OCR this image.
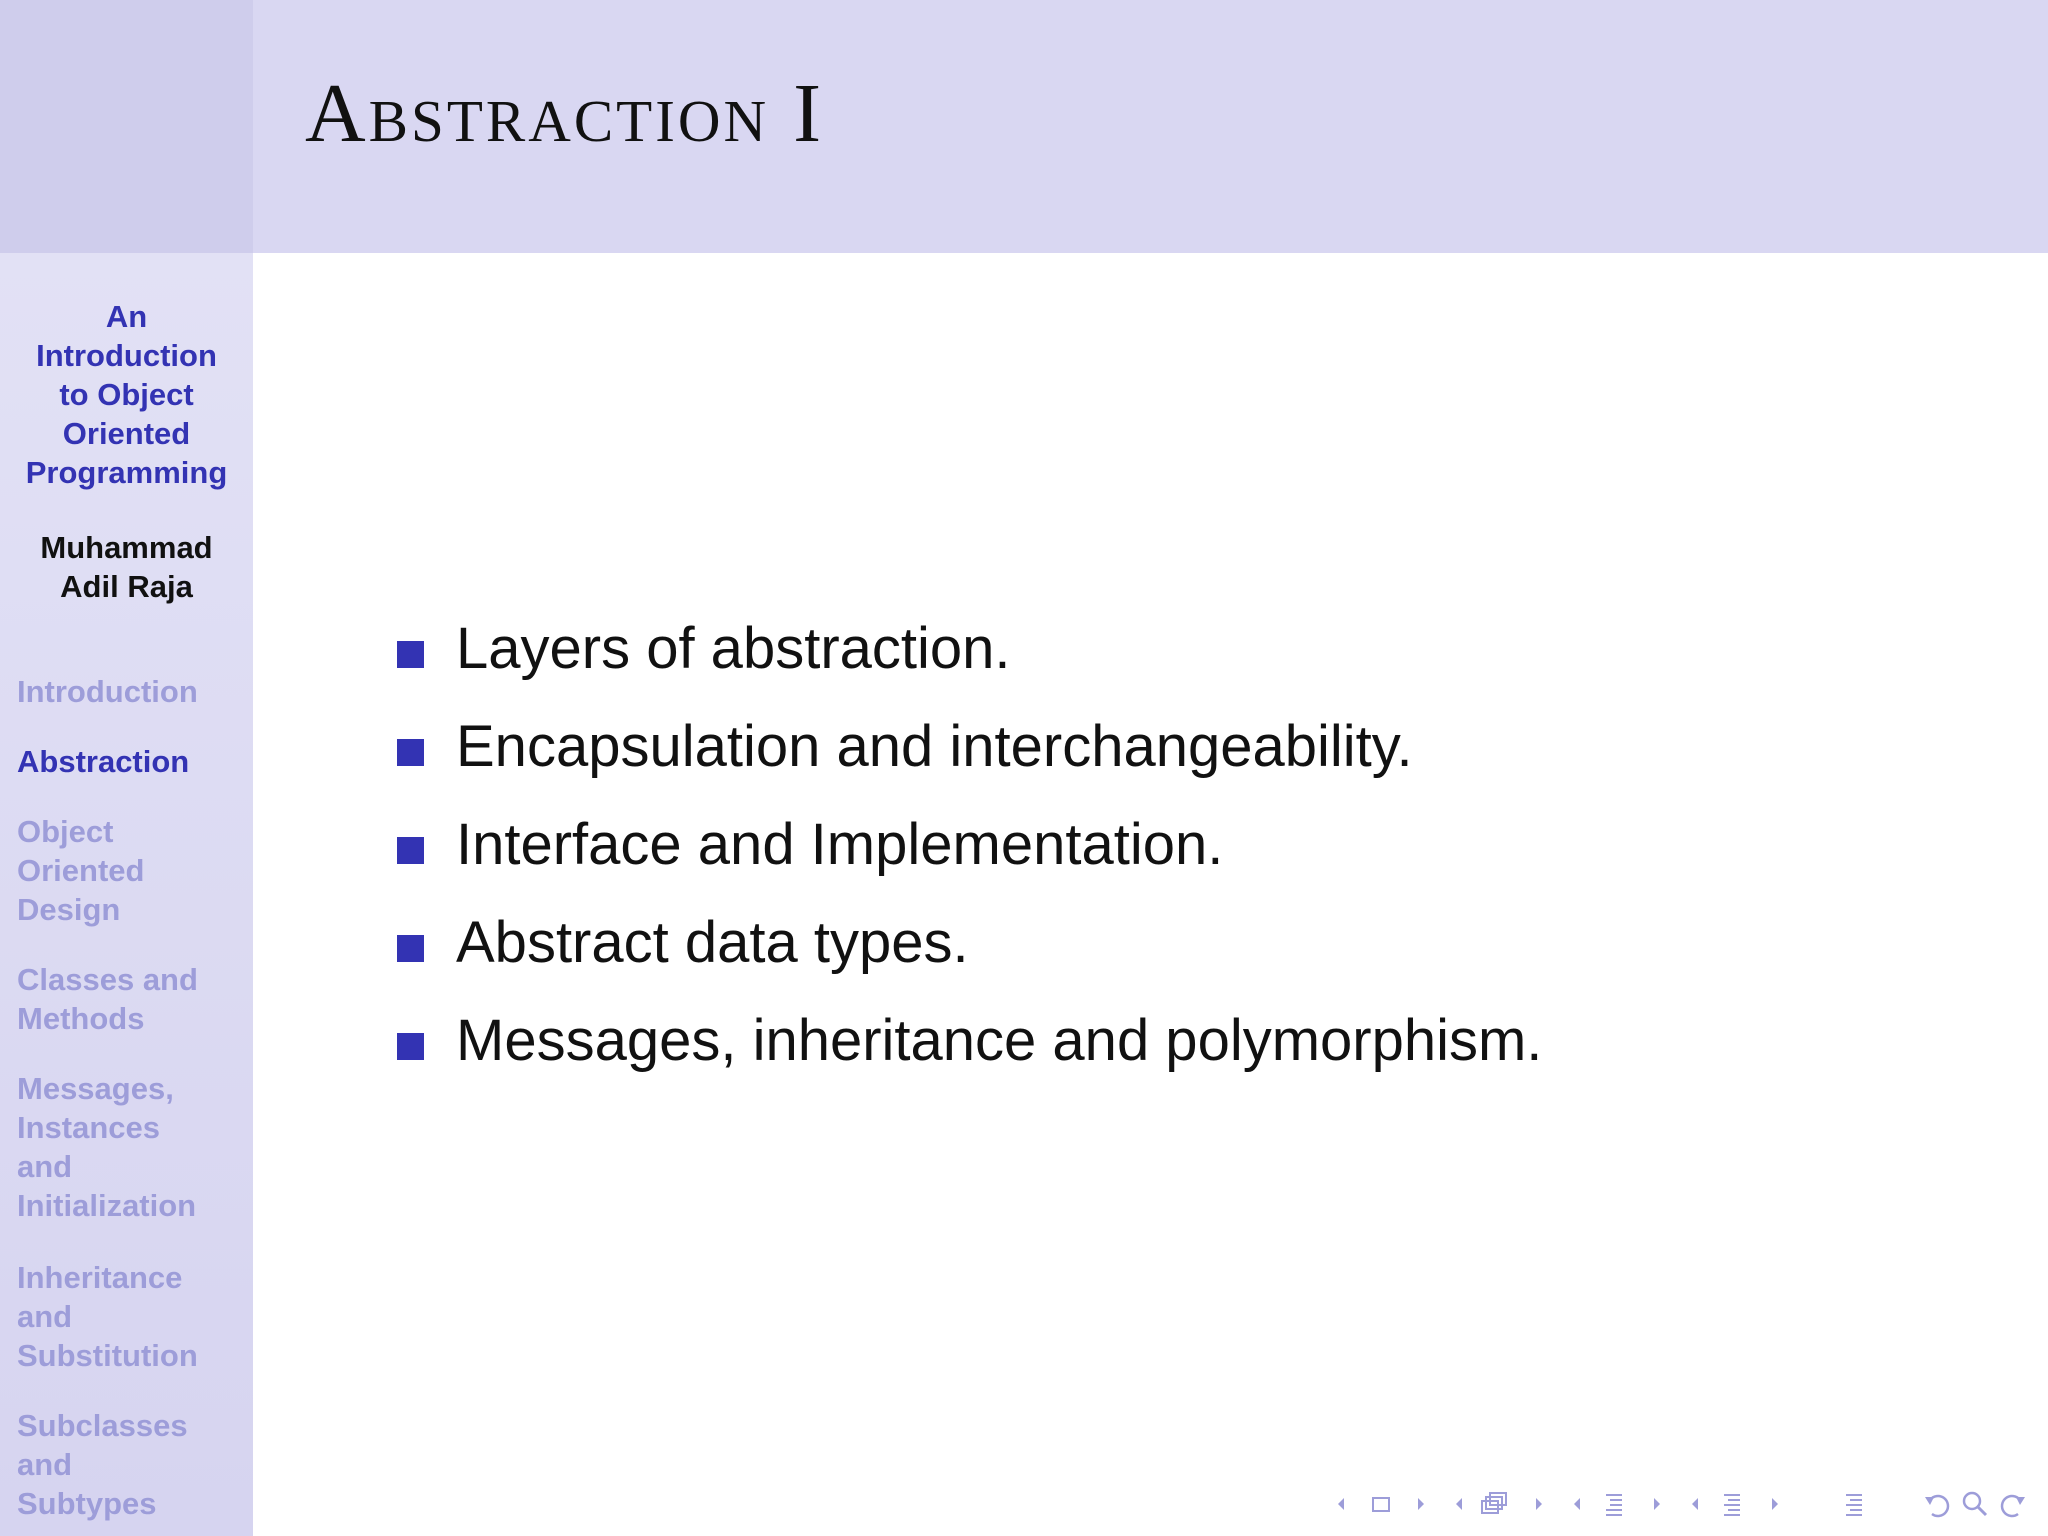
Abstraction I
An
Introduction
to Object
Oriented
Programming
Muhammad
Adil Raja
Introduction
Abstraction
Object
Oriented
Design
Classes and
Methods
Messages,
Instances
and
Initialization
Inheritance
and
Substitution
Subclasses
and
Subtypes
Layers of abstraction.
Encapsulation and interchangeability.
Interface and Implementation.
Abstract data types.
Messages, inheritance and polymorphism.
